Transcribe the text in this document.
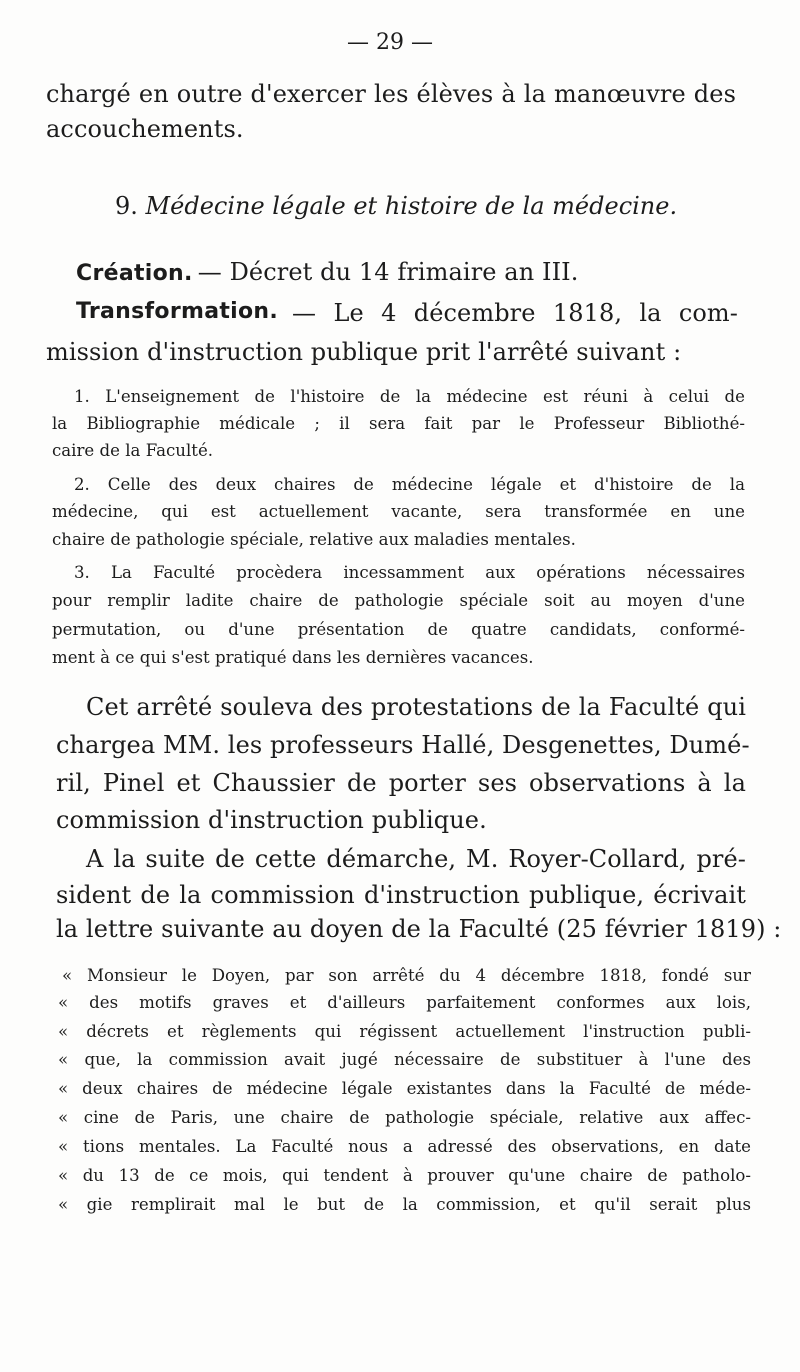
— 29 —

chargé en outre d'exercer les élèves à la manœuvre des

accouchements.

9. Médecine légale et histoire de la médecine.
Création. — Décret du 14 frimaire an III.
Transformation. — Le 4 décembre 1818, la com-

mission d'instruction publique prit l'arrêté suivant :

1. L'enseignement de l'histoire de la médecine est réuni à celui de

la Bibliographie médicale ; il sera fait par le Professeur Bibliothé-

caire de la Faculté.

2. Celle des deux chaires de médecine légale et d'histoire de la

médecine, qui est actuellement vacante, sera transformée en une

chaire de pathologie spéciale, relative aux maladies mentales.

3. La Faculté procèdera incessamment aux opérations nécessaires

pour remplir ladite chaire de pathologie spéciale soit au moyen d'une

permutation, ou d'une présentation de quatre candidats, conformé-

ment à ce qui s'est pratiqué dans les dernières vacances.

Cet arrêté souleva des protestations de la Faculté qui

chargea MM. les professeurs Hallé, Desgenettes, Dumé-

ril, Pinel et Chaussier de porter ses observations à la

commission d'instruction publique.

A la suite de cette démarche, M. Royer-Collard, pré-

sident de la commission d'instruction publique, écrivait

la lettre suivante au doyen de la Faculté (25 février 1819) :

« Monsieur le Doyen, par son arrêté du 4 décembre 1818, fondé sur

« des motifs graves et d'ailleurs parfaitement conformes aux lois,

« décrets et règlements qui régissent actuellement l'instruction publi-

« que, la commission avait jugé nécessaire de substituer à l'une des

« deux chaires de médecine légale existantes dans la Faculté de méde-

« cine de Paris, une chaire de pathologie spéciale, relative aux affec-

« tions mentales. La Faculté nous a adressé des observations, en date

« du 13 de ce mois, qui tendent à prouver qu'une chaire de patholo-

« gie remplirait mal le but de la commission, et qu'il serait plus
